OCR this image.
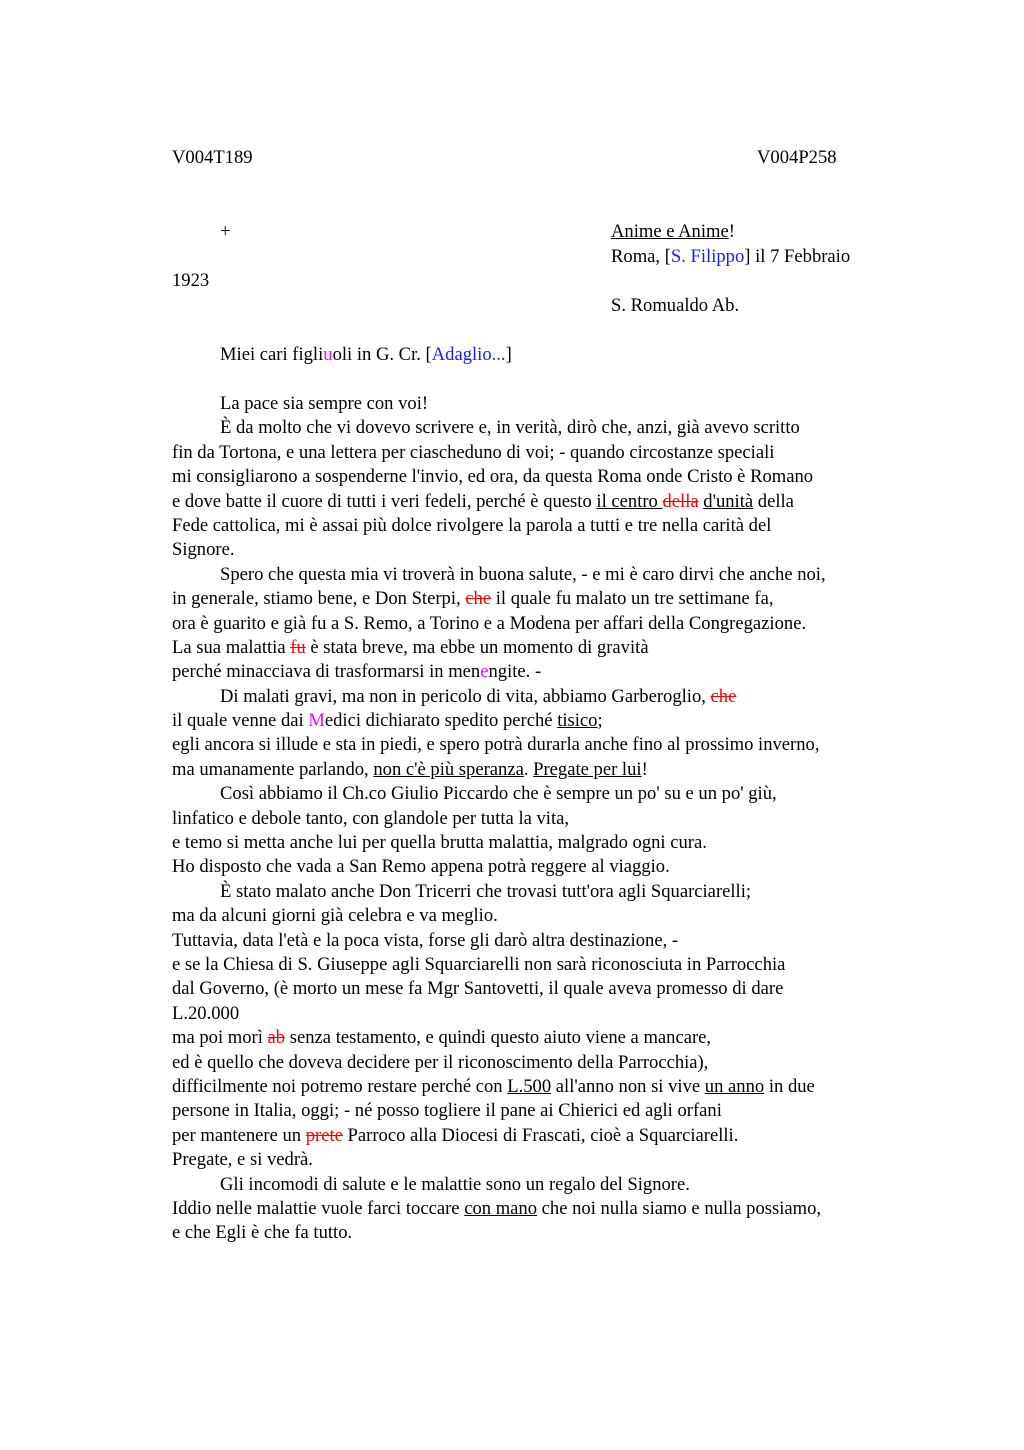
V004T189	V004P258
+	Anime e Anime!
Roma, [S. Filippo] il 7 Febbraio
1923
S. Romualdo Ab.
Miei cari figliuoli in G. Cr. [Adaglio...]
La pace sia sempre con voi!
È da molto che vi dovevo scrivere e, in verità, dirò che, anzi, già avevo scritto
fin da Tortona, e una lettera per ciascheduno di voi; - quando circostanze speciali
mi consigliarono a sospenderne l'invio, ed ora, da questa Roma onde Cristo è Romano
e dove batte il cuore di tutti i veri fedeli, perché è questo il centro della d'unità della
Fede cattolica, mi è assai più dolce rivolgere la parola a tutti e tre nella carità del
Signore.
Spero che questa mia vi troverà in buona salute, - e mi è caro dirvi che anche noi,
in generale, stiamo bene, e Don Sterpi, che il quale fu malato un tre settimane fa,
ora è guarito e già fu a S. Remo, a Torino e a Modena per affari della Congregazione.
La sua malattia fu è stata breve, ma ebbe un momento di gravità
perché minacciava di trasformarsi in menengite. -
Di malati gravi, ma non in pericolo di vita, abbiamo Garberoglio, che
il quale venne dai Medici dichiarato spedito perché tisico;
egli ancora si illude e sta in piedi, e spero potrà durarla anche fino al prossimo inverno,
ma umanamente parlando, non c'è più speranza. Pregate per lui!
Così abbiamo il Ch.co Giulio Piccardo che è sempre un po' su e un po' giù,
linfatico e debole tanto, con glandole per tutta la vita,
e temo si metta anche lui per quella brutta malattia, malgrado ogni cura.
Ho disposto che vada a San Remo appena potrà reggere al viaggio.
È stato malato anche Don Tricerri che trovasi tutt'ora agli Squarciarelli;
ma da alcuni giorni già celebra e va meglio.
Tuttavia, data l'età e la poca vista, forse gli darò altra destinazione, -
e se la Chiesa di S. Giuseppe agli Squarciarelli non sarà riconosciuta in Parrocchia
dal Governo, (è morto un mese fa Mgr Santovetti, il quale aveva promesso di dare
L.20.000
ma poi morì ab senza testamento, e quindi questo aiuto viene a mancare,
ed è quello che doveva decidere per il riconoscimento della Parrocchia),
difficilmente noi potremo restare perché con L.500 all'anno non si vive un anno in due
persone in Italia, oggi; - né posso togliere il pane ai Chierici ed agli orfani
per mantenere un prete Parroco alla Diocesi di Frascati, cioè a Squarciarelli.
Pregate, e si vedrà.
Gli incomodi di salute e le malattie sono un regalo del Signore.
Iddio nelle malattie vuole farci toccare con mano che noi nulla siamo e nulla possiamo,
e che Egli è che fa tutto.
